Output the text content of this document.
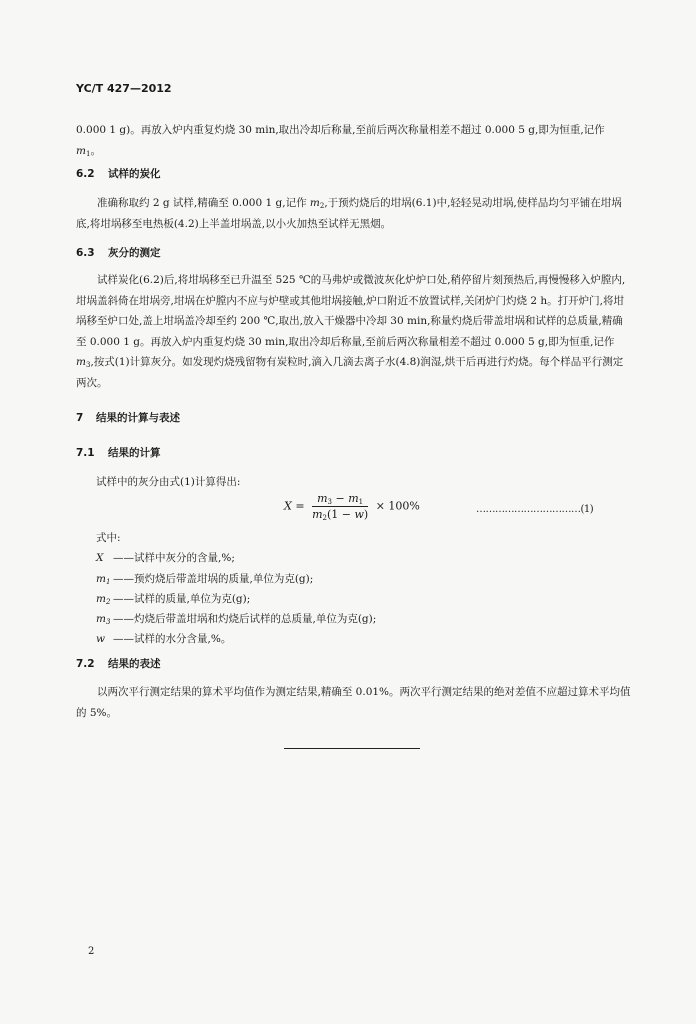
YC/T 427—2012

0.000 1 g)。再放入炉内重复灼烧 30 min,取出冷却后称量,至前后两次称量相差不超过 0.000 5 g,即为恒重,记作 $m_1$。

6.2 试样的炭化

准确称取约 2 g 试样,精确至 0.000 1 g,记作 $m_2$,于预灼烧后的坩埚(6.1)中,轻轻晃动坩埚,使样品均匀平铺在坩埚底,将坩埚移至电热板(4.2)上半盖坩埚盖,以小火加热至试样无黑烟。

6.3 灰分的测定

试样炭化(6.2)后,将坩埚移至已升温至 525 ℃的马弗炉或微波灰化炉炉口处,稍停留片刻预热后,再慢慢移入炉膛内,坩埚盖斜倚在坩埚旁,坩埚在炉膛内不应与炉壁或其他坩埚接触,炉口附近不放置试样,关闭炉门灼烧 2 h。打开炉门,将坩埚移至炉口处,盖上坩埚盖冷却至约 200 ℃,取出,放入干燥器中冷却 30 min,称量灼烧后带盖坩埚和试样的总质量,精确至 0.000 1 g。再放入炉内重复灼烧 30 min,取出冷却后称量,至前后两次称量相差不超过 0.000 5 g,即为恒重,记作 $m_3$,按式(1)计算灰分。如发现灼烧残留物有炭粒时,滴入几滴去离子水(4.8)润湿,烘干后再进行灼烧。每个样品平行测定两次。

7 结果的计算与表述
7.1 结果的计算
试样中的灰分由式(1)计算得出:
$X = \frac{m_3 - m_1}{m_2(1 - w)} \times 100\%$	……………………………(1)
式中:
X ——试样中灰分的含量,%;
$m_1$ ——预灼烧后带盖坩埚的质量,单位为克(g);
$m_2$ ——试样的质量,单位为克(g);
$m_3$ ——灼烧后带盖坩埚和灼烧后试样的总质量,单位为克(g);
w ——试样的水分含量,%。
7.2 结果的表述

以两次平行测定结果的算术平均值作为测定结果,精确至 0.01%。两次平行测定结果的绝对差值不应超过算术平均值的 5%。

2
